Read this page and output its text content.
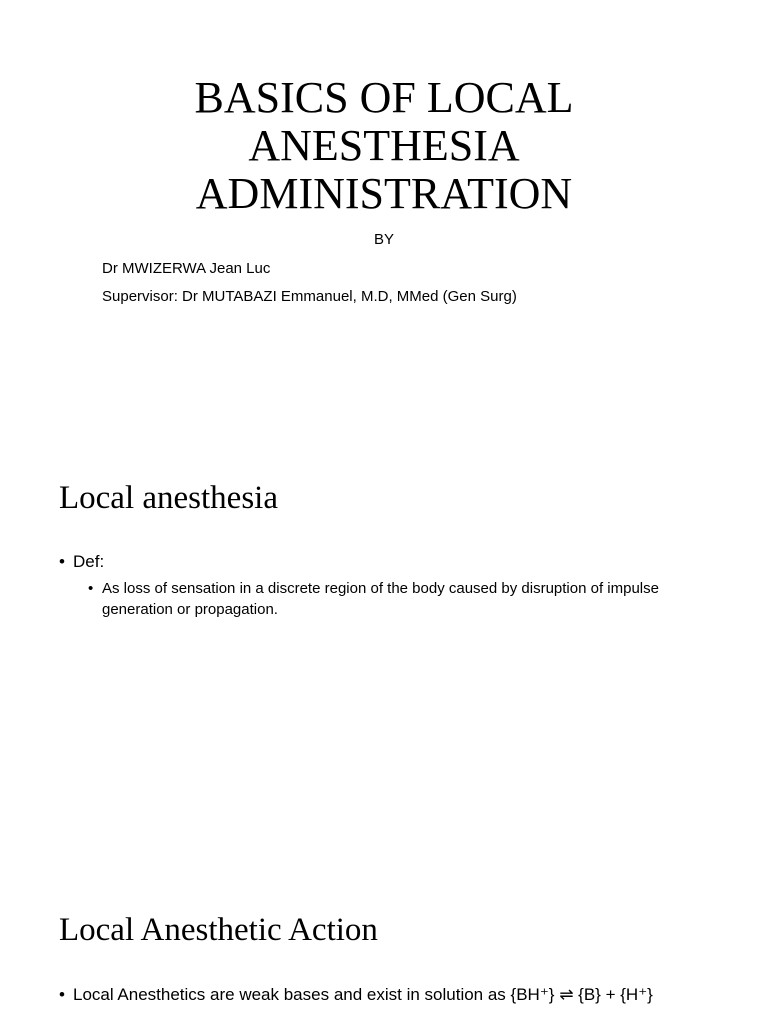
BASICS OF LOCAL
ANESTHESIA
ADMINISTRATION
BY
Dr MWIZERWA Jean Luc
Supervisor: Dr MUTABAZI Emmanuel, M.D, MMed (Gen Surg)
Local anesthesia
• Def:
• As loss of sensation in a discrete region of the body caused by disruption of impulse generation or propagation.
Local Anesthetic Action
• Local Anesthetics are weak bases and exist in solution as {BH⁺} ⇌ {B} + {H⁺}
